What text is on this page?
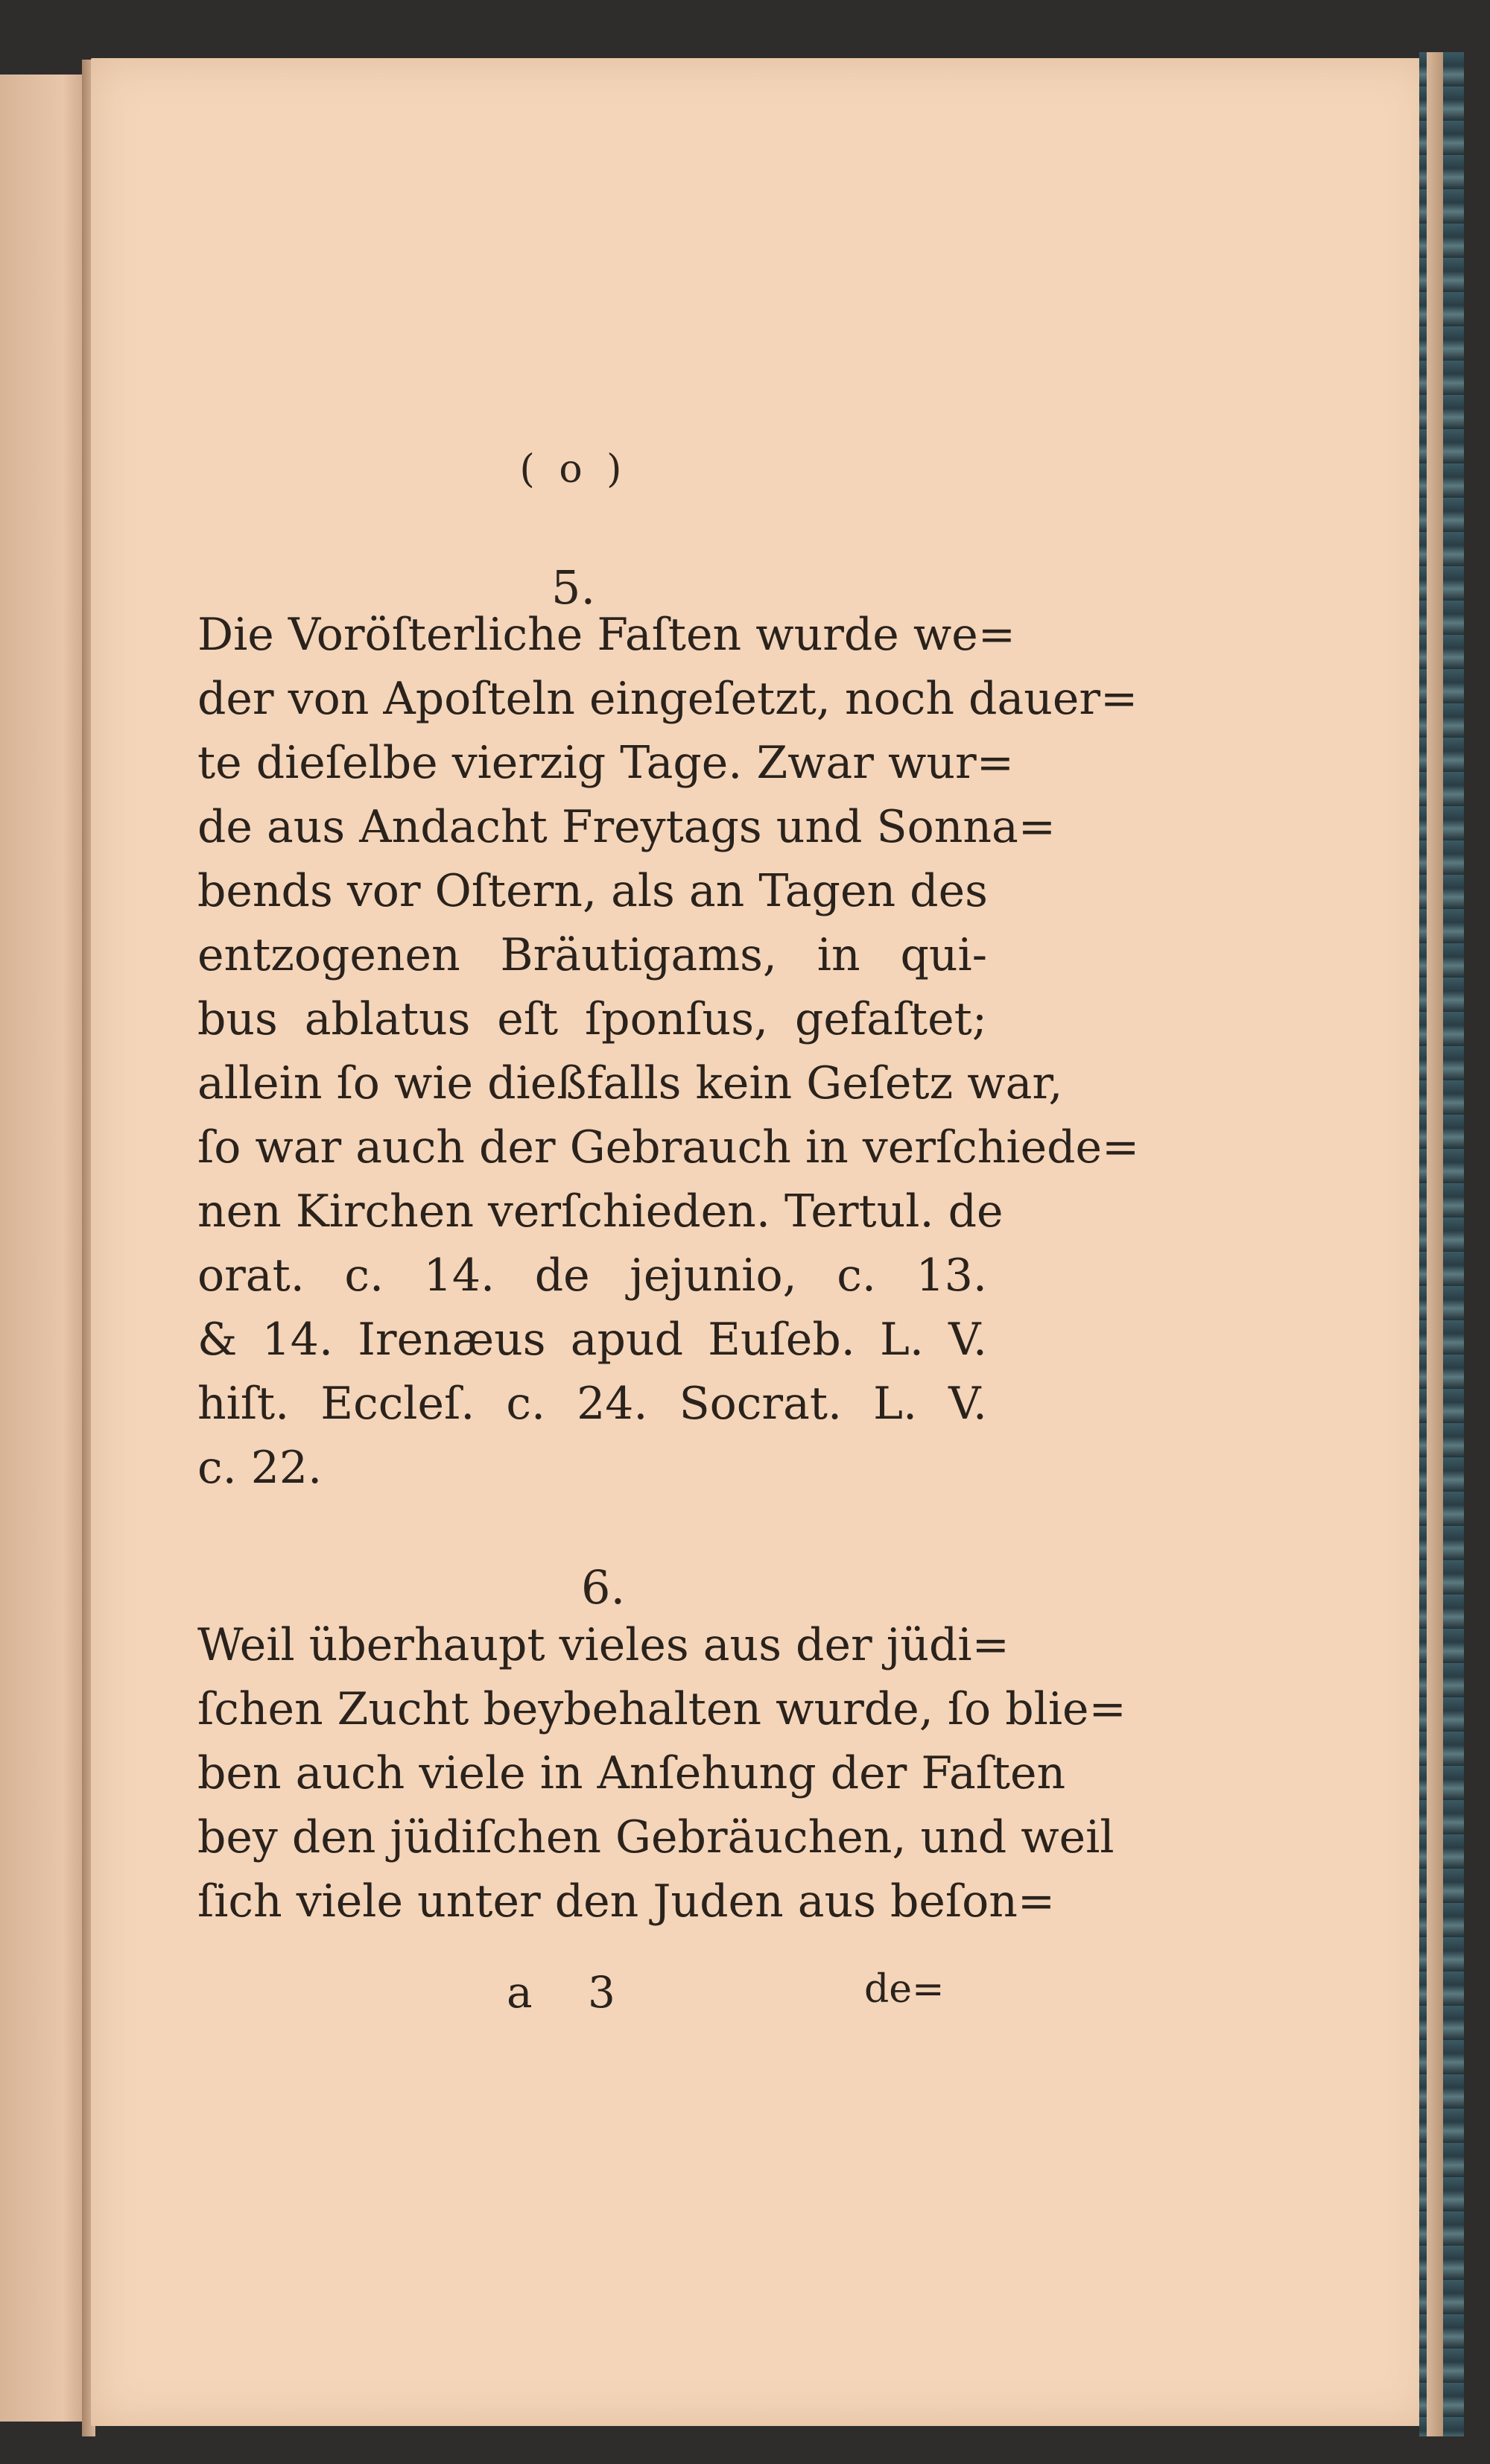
( o )
5.
Die Voröſterliche Faſten wurde we=
der von Apoſteln eingeſetzt, noch dauer=
te dieſelbe vierzig Tage. Zwar wur=
de aus Andacht Freytags und Sonna=
bends vor Oſtern, als an Tagen des
entzogenen Bräutigams, in qui-
bus ablatus eſt ſponſus, gefaſtet;
allein ſo wie dießfalls kein Geſetz war,
ſo war auch der Gebrauch in verſchiede=
nen Kirchen verſchieden. Tertul. de
orat. c. 14. de jejunio, c. 13.
& 14. Irenæus apud Euſeb. L. V.
hiſt. Eccleſ. c. 24. Socrat. L. V.
c. 22.
6.
Weil überhaupt vieles aus der jüdi=
ſchen Zucht beybehalten wurde, ſo blie=
ben auch viele in Anſehung der Faſten
bey den jüdiſchen Gebräuchen, und weil
ſich viele unter den Juden aus beſon=
a 3	de=
